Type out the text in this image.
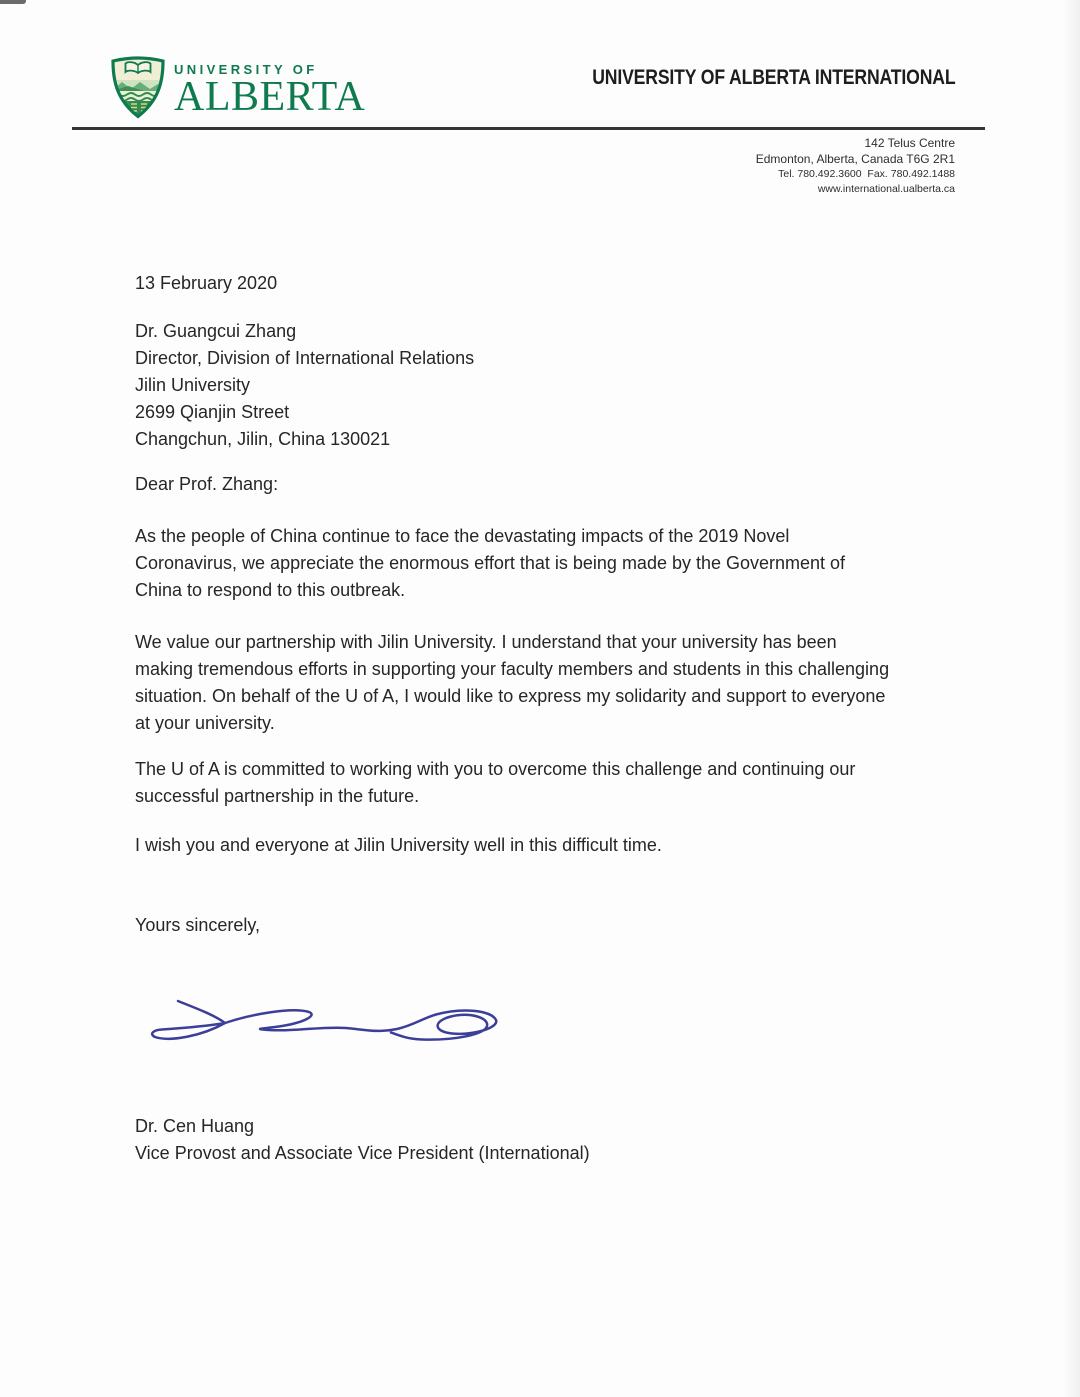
UNIVERSITY OF
ALBERTA	UNIVERSITY OF ALBERTA INTERNATIONAL
142 Telus Centre
Edmonton, Alberta, Canada T6G 2R1
Tel. 780.492.3600  Fax. 780.492.1488
www.international.ualberta.ca
13 February 2020
Dr. Guangcui Zhang
Director, Division of International Relations
Jilin University
2699 Qianjin Street
Changchun, Jilin, China 130021
Dear Prof. Zhang:
As the people of China continue to face the devastating impacts of the 2019 Novel
Coronavirus, we appreciate the enormous effort that is being made by the Government of
China to respond to this outbreak.
We value our partnership with Jilin University. I understand that your university has been
making tremendous efforts in supporting your faculty members and students in this challenging
situation. On behalf of the U of A, I would like to express my solidarity and support to everyone
at your university.
The U of A is committed to working with you to overcome this challenge and continuing our
successful partnership in the future.
I wish you and everyone at Jilin University well in this difficult time.
Yours sincerely,
Dr. Cen Huang
Vice Provost and Associate Vice President (International)
